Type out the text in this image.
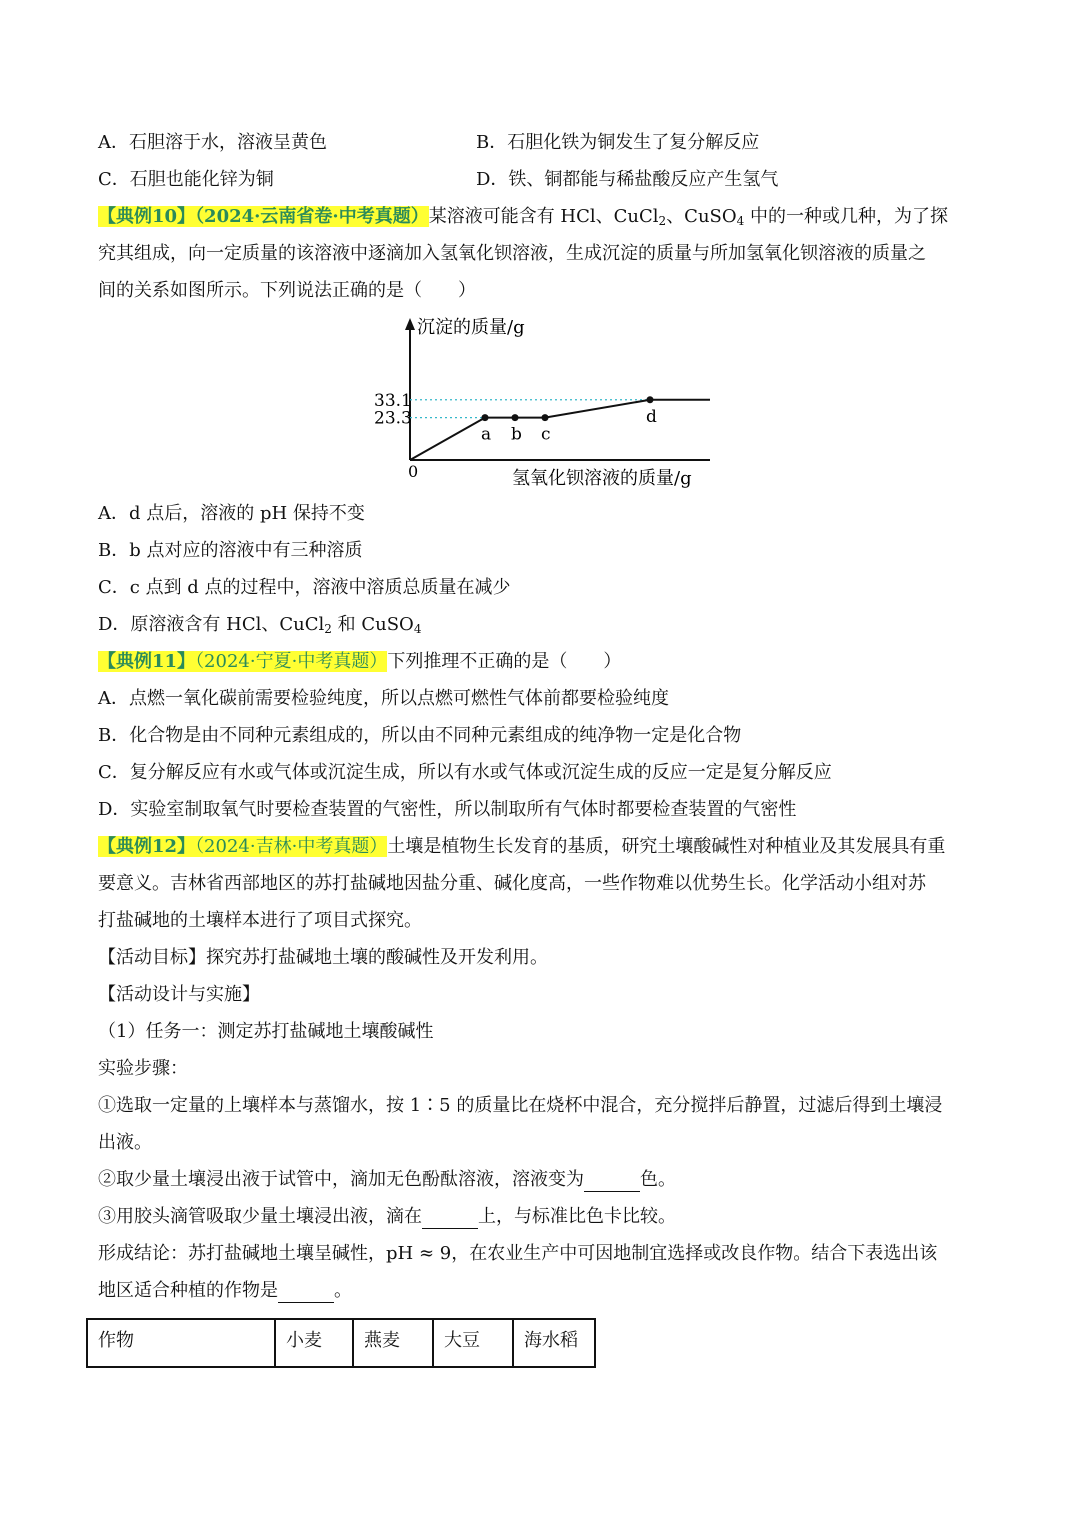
A．石胆溶于水，溶液呈黄色	B．石胆化铁为铜发生了复分解反应
C．石胆也能化锌为铜	D．铁、铜都能与稀盐酸反应产生氢气
【典例10】（2024·云南省卷·中考真题）某溶液可能含有 HCl、CuCl$_2$、CuSO$_4$ 中的一种或几种，为了探
究其组成，向一定质量的该溶液中逐滴加入氢氧化钡溶液，生成沉淀的质量与所加氢氧化钡溶液的质量之
间的关系如图所示。下列说法正确的是（　　）
沉淀的质量/g
氢氧化钡溶液的质量/g
0
33.1
23.3
a b c
d
A．d 点后，溶液的 pH 保持不变
B．b 点对应的溶液中有三种溶质
C．c 点到 d 点的过程中，溶液中溶质总质量在减少
D．原溶液含有 HCl、CuCl$_2$ 和 CuSO$_4$
【典例11】（2024·宁夏·中考真题）下列推理不正确的是（　　）
A．点燃一氧化碳前需要检验纯度，所以点燃可燃性气体前都要检验纯度
B．化合物是由不同种元素组成的，所以由不同种元素组成的纯净物一定是化合物
C．复分解反应有水或气体或沉淀生成，所以有水或气体或沉淀生成的反应一定是复分解反应
D．实验室制取氧气时要检查装置的气密性，所以制取所有气体时都要检查装置的气密性
【典例12】（2024·吉林·中考真题）土壤是植物生长发育的基质，研究土壤酸碱性对种植业及其发展具有重
要意义。吉林省西部地区的苏打盐碱地因盐分重、碱化度高，一些作物难以优势生长。化学活动小组对苏
打盐碱地的土壤样本进行了项目式探究。
【活动目标】探究苏打盐碱地土壤的酸碱性及开发利用。
【活动设计与实施】
（1）任务一：测定苏打盐碱地土壤酸碱性
实验步骤：
①选取一定量的上壤样本与蒸馏水，按 1∶5 的质量比在烧杯中混合，充分搅拌后静置，过滤后得到土壤浸
出液。
②取少量土壤浸出液于试管中，滴加无色酚酞溶液，溶液变为	色。
③用胶头滴管吸取少量土壤浸出液，滴在	上，与标准比色卡比较。
形成结论：苏打盐碱地土壤呈碱性，pH ≈ 9，在农业生产中可因地制宜选择或改良作物。结合下表选出该
地区适合种植的作物是	。
作物	小麦	燕麦	大豆	海水稻
